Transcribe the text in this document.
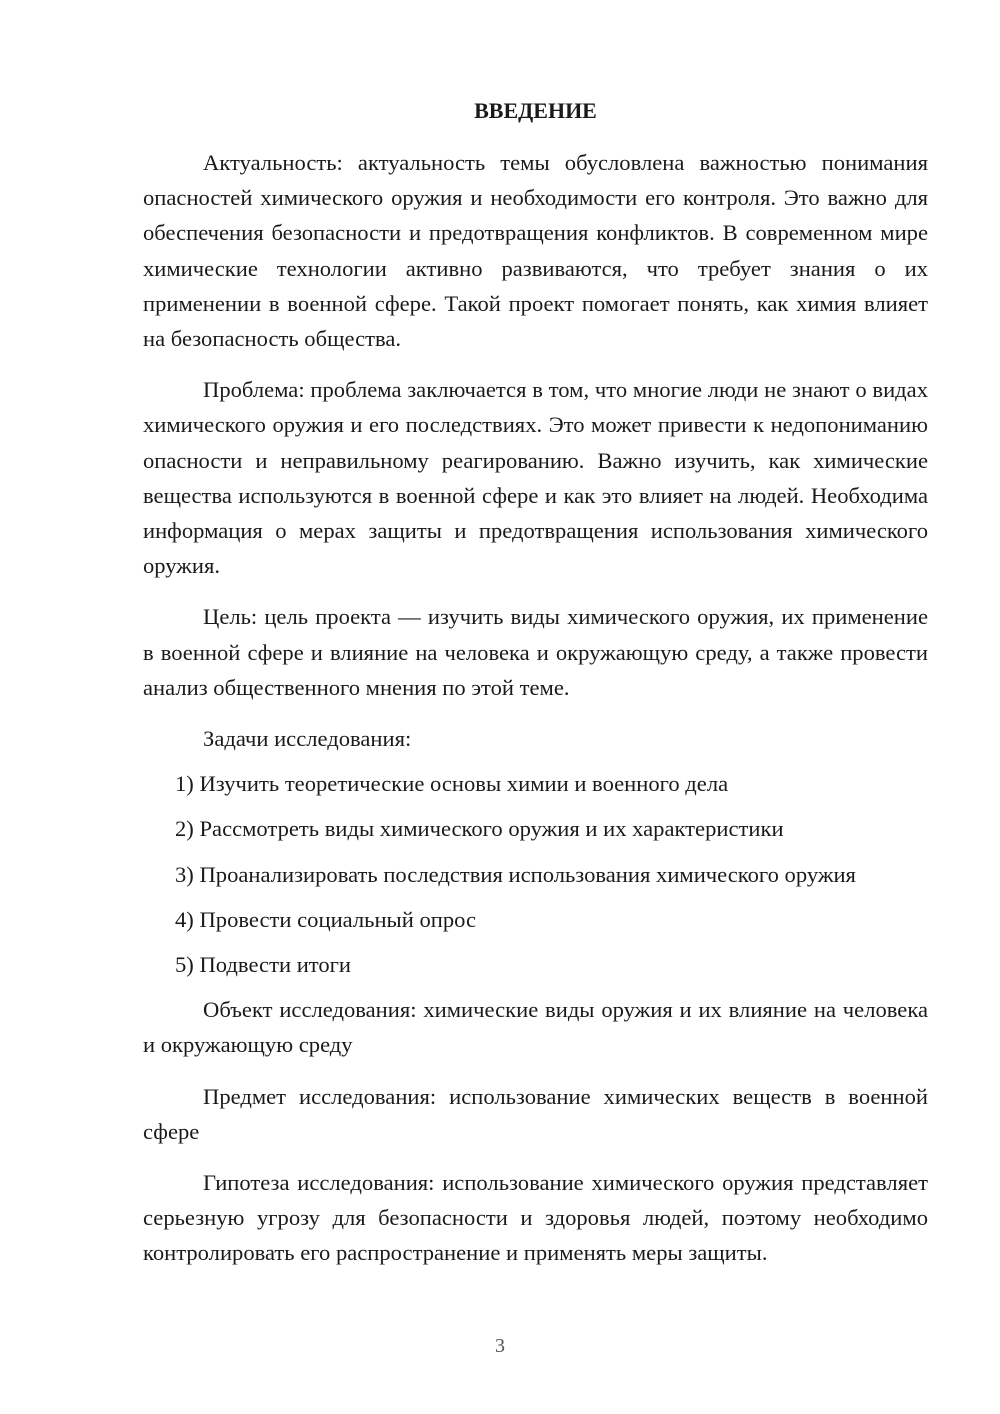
ВВЕДЕНИЕ

Актуальность: актуальность темы обусловлена важностью понимания опасностей химического оружия и необходимости его контроля. Это важно для обеспечения безопасности и предотвращения конфликтов. В современном мире химические технологии активно развиваются, что требует знания о их применении в военной сфере. Такой проект помогает понять, как химия влияет на безопасность общества.

Проблема: проблема заключается в том, что многие люди не знают о видах химического оружия и его последствиях. Это может привести к недопониманию опасности и неправильному реагированию. Важно изучить, как химические вещества используются в военной сфере и как это влияет на людей. Необходима информация о мерах защиты и предотвращения использования химического оружия.

Цель: цель проекта — изучить виды химического оружия, их применение в военной сфере и влияние на человека и окружающую среду, а также провести анализ общественного мнения по этой теме.

Задачи исследования:

1) Изучить теоретические основы химии и военного дела
2) Рассмотреть виды химического оружия и их характеристики
3) Проанализировать последствия использования химического оружия
4) Провести социальный опрос
5) Подвести итоги

Объект исследования: химические виды оружия и их влияние на человека и окружающую среду

Предмет исследования: использование химических веществ в военной сфере

Гипотеза исследования: использование химического оружия представляет серьезную угрозу для безопасности и здоровья людей, поэтому необходимо контролировать его распространение и применять меры защиты.

3
